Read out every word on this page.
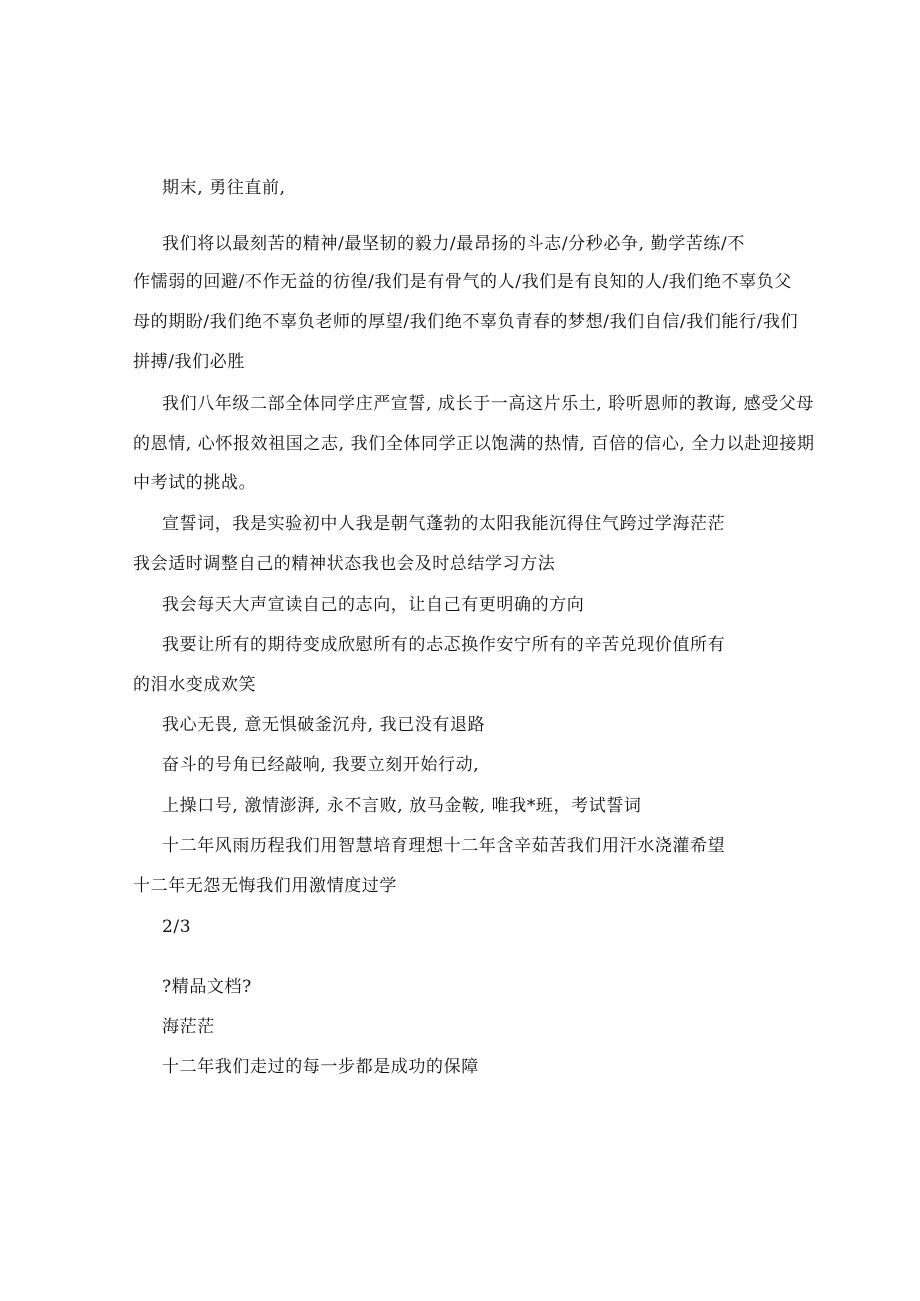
期末, 勇往直前,
我们将以最刻苦的精神/最坚韧的毅力/最昂扬的斗志/分秒必争, 勤学苦练/不
作懦弱的回避/不作无益的彷徨/我们是有骨气的人/我们是有良知的人/我们绝不辜负父
母的期盼/我们绝不辜负老师的厚望/我们绝不辜负青春的梦想/我们自信/我们能行/我们
拼搏/我们必胜
我们八年级二部全体同学庄严宣誓, 成长于一高这片乐土, 聆听恩师的教诲, 感受父母
的恩情, 心怀报效祖国之志, 我们全体同学正以饱满的热情, 百倍的信心, 全力以赴迎接期
中考试的挑战。
宣誓词，我是实验初中人我是朝气蓬勃的太阳我能沉得住气跨过学海茫茫
我会适时调整自己的精神状态我也会及时总结学习方法
我会每天大声宣读自己的志向，让自己有更明确的方向
我要让所有的期待变成欣慰所有的忐忑换作安宁所有的辛苦兑现价值所有
的泪水变成欢笑
我心无畏, 意无惧破釜沉舟, 我已没有退路
奋斗的号角已经敲响, 我要立刻开始行动,
上操口号, 激情澎湃, 永不言败, 放马金鞍, 唯我*班，考试誓词
十二年风雨历程我们用智慧培育理想十二年含辛茹苦我们用汗水浇灌希望
十二年无怨无悔我们用激情度过学
2/3
?精品文档?
海茫茫
十二年我们走过的每一步都是成功的保障
